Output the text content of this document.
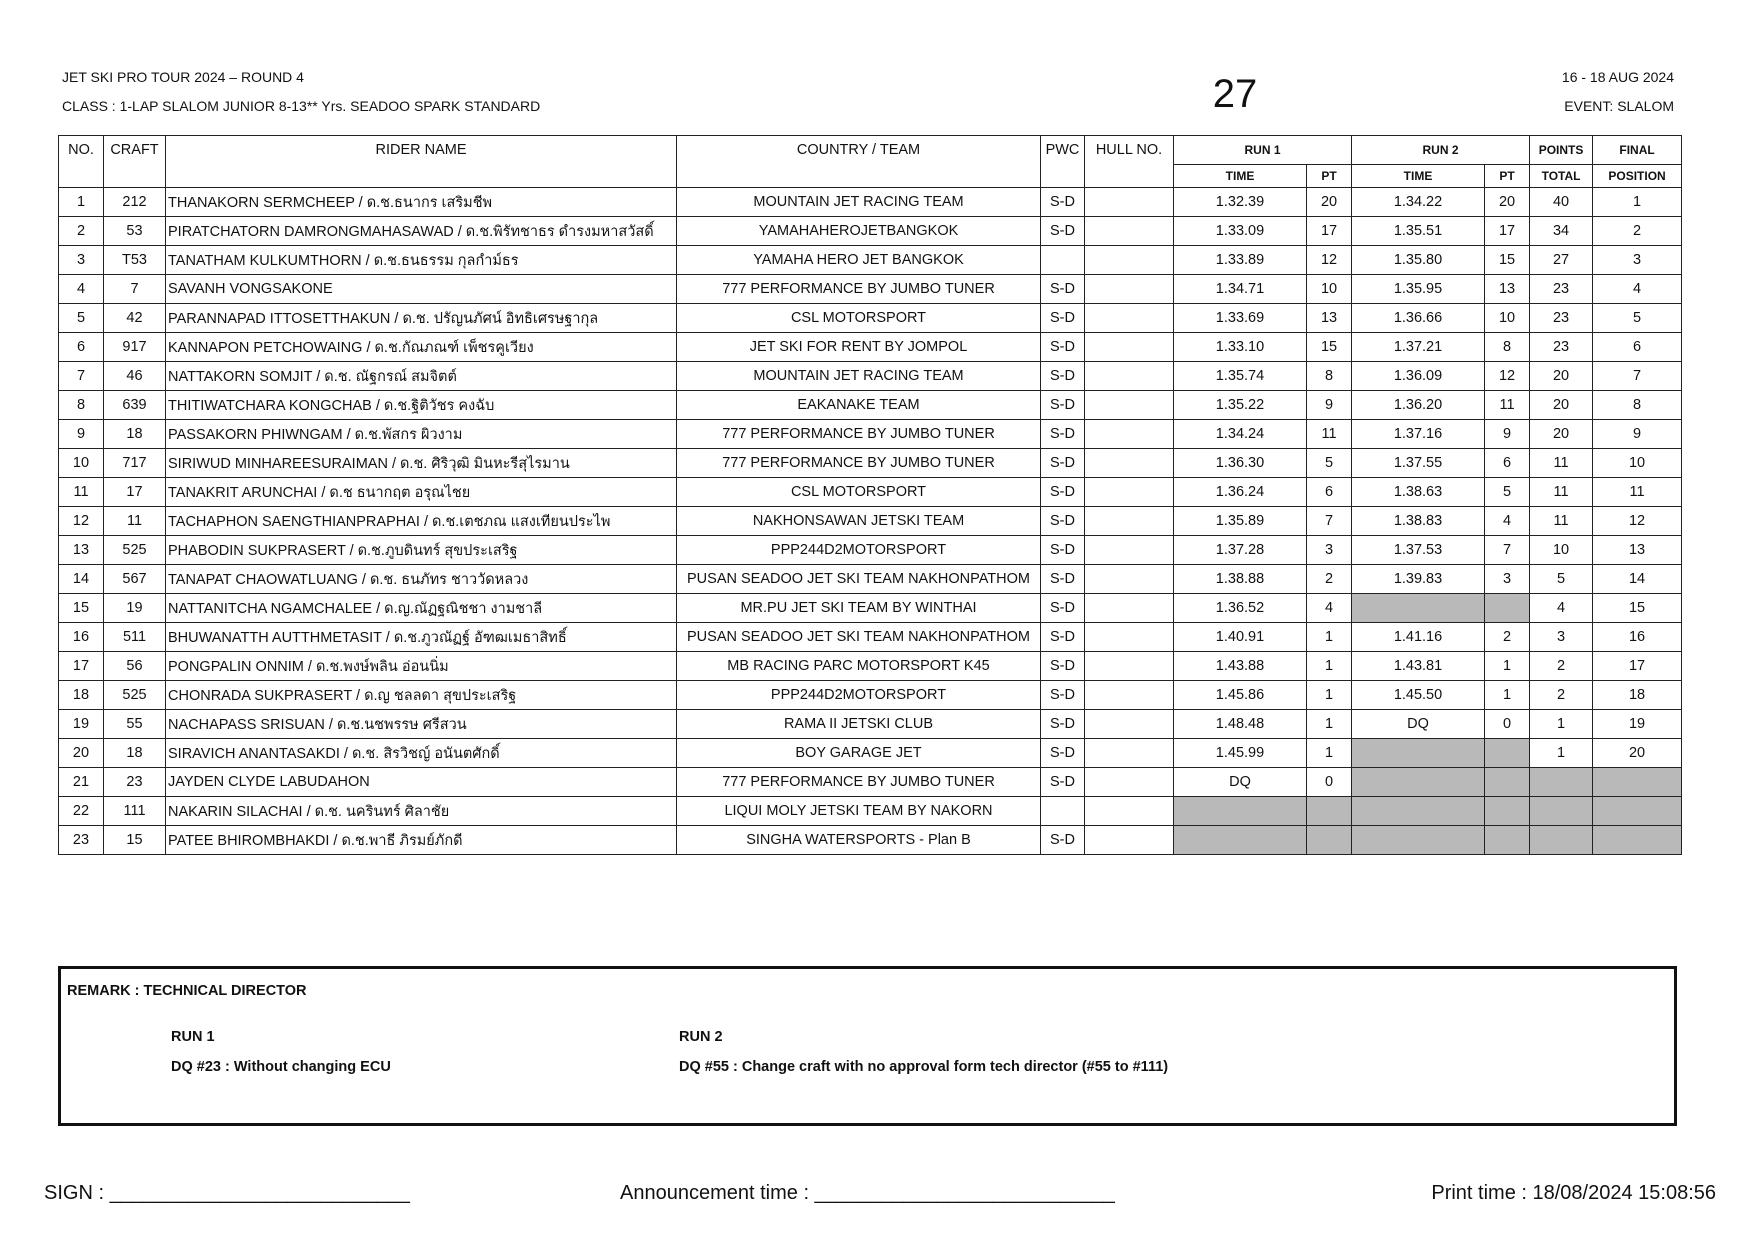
JET SKI PRO TOUR 2024 – ROUND 4
CLASS : 1-LAP SLALOM JUNIOR 8-13** Yrs. SEADOO SPARK STANDARD	27	16 - 18 AUG 2024
EVENT: SLALOM
NO.	CRAFT	RIDER NAME	COUNTRY / TEAM	PWC	HULL NO.	RUN 1		RUN 2		POINTS	FINAL
						TIME	PT	TIME	PT	TOTAL	POSITION
1	212	THANAKORN SERMCHEEP / ด.ช.ธนากร เสริมชีพ	MOUNTAIN JET RACING TEAM	S-D		1.32.39	20	1.34.22	20	40	1
2	53	PIRATCHATORN DAMRONGMAHASAWAD / ด.ช.พิรัทชาธร ดำรงมหาสวัสดิ์	YAMAHAHEROJETBANGKOK	S-D		1.33.09	17	1.35.51	17	34	2
3	T53	TANATHAM KULKUMTHORN / ด.ช.ธนธรรม กุลกำม์ธร	YAMAHA HERO JET BANGKOK			1.33.89	12	1.35.80	15	27	3
4	7	SAVANH VONGSAKONE	777 PERFORMANCE BY JUMBO TUNER	S-D		1.34.71	10	1.35.95	13	23	4
5	42	PARANNAPAD ITTOSETTHAKUN / ด.ช. ปรัญนภัศน์ อิทธิเศรษฐากุล	CSL MOTORSPORT	S-D		1.33.69	13	1.36.66	10	23	5
6	917	KANNAPON PETCHOWAING / ด.ช.กัณภณฑ์ เพ็ชรคูเวียง	JET SKI FOR RENT BY JOMPOL	S-D		1.33.10	15	1.37.21	8	23	6
7	46	NATTAKORN SOMJIT / ด.ช. ณัฐกรณ์ สมจิตต์	MOUNTAIN JET RACING TEAM	S-D		1.35.74	8	1.36.09	12	20	7
8	639	THITIWATCHARA KONGCHAB / ด.ช.ฐิติวัชร คงฉับ	EAKANAKE TEAM	S-D		1.35.22	9	1.36.20	11	20	8
9	18	PASSAKORN PHIWNGAM / ด.ช.พัสกร ผิวงาม	777 PERFORMANCE BY JUMBO TUNER	S-D		1.34.24	11	1.37.16	9	20	9
10	717	SIRIWUD MINHAREESURAIMAN / ด.ช. ศิริวุฒิ มินหะรีสุไรมาน	777 PERFORMANCE BY JUMBO TUNER	S-D		1.36.30	5	1.37.55	6	11	10
11	17	TANAKRIT ARUNCHAI / ด.ช ธนากฤต อรุณไชย	CSL MOTORSPORT	S-D		1.36.24	6	1.38.63	5	11	11
12	11	TACHAPHON SAENGTHIANPRAPHAI / ด.ช.เตชภณ แสงเทียนประไพ	NAKHONSAWAN JETSKI TEAM	S-D		1.35.89	7	1.38.83	4	11	12
13	525	PHABODIN SUKPRASERT / ด.ช.ภูบดินทร์ สุขประเสริฐ	PPP244D2MOTORSPORT	S-D		1.37.28	3	1.37.53	7	10	13
14	567	TANAPAT CHAOWATLUANG / ด.ช. ธนภัทร ชาววัดหลวง	PUSAN SEADOO JET SKI TEAM NAKHONPATHOM	S-D		1.38.88	2	1.39.83	3	5	14
15	19	NATTANITCHA NGAMCHALEE / ด.ญ.ณัฏฐณิชชา งามชาลี	MR.PU JET SKI TEAM BY WINTHAI	S-D		1.36.52	4			4	15
16	511	BHUWANATTH AUTTHMETASIT / ด.ช.ภูวณัฏฐ์ อัฑฒเมธาสิทธิ์	PUSAN SEADOO JET SKI TEAM NAKHONPATHOM	S-D		1.40.91	1	1.41.16	2	3	16
17	56	PONGPALIN ONNIM / ด.ช.พงษ์พลิน อ่อนนิ่ม	MB RACING PARC MOTORSPORT K45	S-D		1.43.88	1	1.43.81	1	2	17
18	525	CHONRADA SUKPRASERT / ด.ญ ชลลดา สุขประเสริฐ	PPP244D2MOTORSPORT	S-D		1.45.86	1	1.45.50	1	2	18
19	55	NACHAPASS SRISUAN / ด.ช.นชพรรษ ศรีสวน	RAMA II JETSKI CLUB	S-D		1.48.48	1	DQ	0	1	19
20	18	SIRAVICH ANANTASAKDI / ด.ช. สิรวิชญ์ อนันตศักดิ์	BOY GARAGE JET	S-D		1.45.99	1			1	20
21	23	JAYDEN CLYDE LABUDAHON	777 PERFORMANCE BY JUMBO TUNER	S-D		DQ	0				
22	111	NAKARIN SILACHAI / ด.ช. นครินทร์ ศิลาชัย	LIQUI MOLY JETSKI TEAM BY NAKORN								
23	15	PATEE BHIROMBHAKDI / ด.ช.พาธี ภิรมย์ภักดี	SINGHA WATERSPORTS - Plan B	S-D							
REMARK : TECHNICAL DIRECTOR
RUN 1
DQ #23 : Without changing ECU
RUN 2
DQ #55 : Change craft with no approval form tech director (#55 to #111)
SIGN : ___________________________	Announcement time : ___________________________	Print time : 18/08/2024 15:08:56
